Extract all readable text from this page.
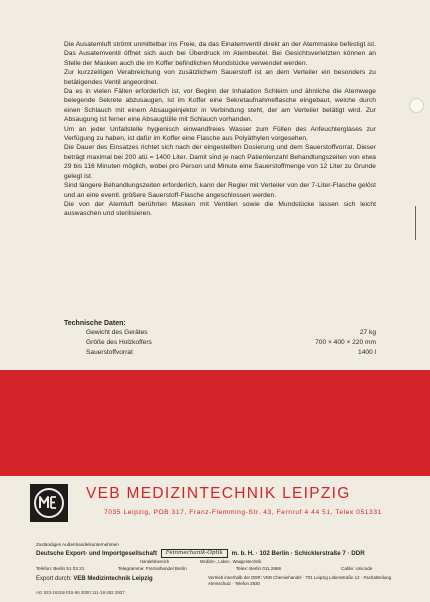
Die Ausatemluft strömt unmittelbar ins Freie, da das Einatemventil direkt an der Atemmaske befestigt ist. Das Ausatemventil öffnet sich auch bei Überdruck im Atembeutel. Bei Gesichtsverletzten können an Stelle der Masken auch die im Koffer befindlichen Mundstücke verwendet werden.

Zur kurzzeitigen Verabreichung von zusätzlichem Sauerstoff ist an dem Verteiler ein besonders zu betätigendes Ventil angeordnet.

Da es in vielen Fällen erforderlich ist, vor Beginn der Inhalation Schleim und ähnliche die Atemwege belegende Sekrete abzusaugen, ist im Koffer eine Sekretaufnahmeflasche eingebaut, welche durch einen Schlauch mit einem Absaugeinjektor in Verbindung steht, der am Verteiler betätigt wird. Zur Absaugung ist ferner eine Absaugtülle mit Schlauch vorhanden.

Um an jeder Unfallstelle hygienisch einwandfreies Wasser zum Füllen des Anfeuchterglases zur Verfügung zu haben, ist dafür im Koffer eine Flasche aus Polyäthylen vorgesehen.

Die Dauer des Einsatzes richtet sich nach der eingestellten Dosierung und dem Sauerstoffvorrat. Dieser beträgt maximal bei 200 atü = 1400 Liter. Damit sind je nach Patientenzahl Behandlungszeiten von etwa 29 bis 116 Minuten möglich, wobei pro Person und Minute eine Sauerstoffmenge von 12 Liter zu Grunde gelegt ist.

Sind längere Behandlungszeiten erforderlich, kann der Regler mit Verteiler von der 7-Liter-Flasche gelöst und an eine eventl. größere Sauerstoff-Flasche angeschlossen werden.

Die von der Atemluft berührten Masken mit Ventilen sowie die Mundstücke lassen sich leicht auswaschen und sterilisieren.

Technische Daten:
Gewicht des Gerätes	27 kg
Größe des Holzkoffers	700 × 400 × 220 mm
Sauerstoffvorrat	1400 l
VEB MEDIZINTECHNIK LEIPZIG
7035 Leipzig, POB 317, Franz-Flemming-Str. 43, Fernruf 4 44 51, Telex 051331
Zuständiges Außenhandelsunternehmen
Deutsche Export- und Importgesellschaft Feinmechanik-Optik m. b. H. · 102 Berlin · Schicklerstraße 7 · DDR
Handelsbereich	Medizin-, Labor-, Waagentechnik
Telefon: Berlin 51 03 21	Telegramme: Frezoshandel Berlin	Telex: Berlin 011 2866	Cable: Unicode
Export durch: VEB Medizintechnik Leipzig	Vertrieb innerhalb der DDR: VEB Chemiehandel · 701 Leipzig Lükenstraße 12 · Fachabteilung Atemschutz · Telefon 2930
AG 523-16318-016-66 3000 111-18-282 2937
